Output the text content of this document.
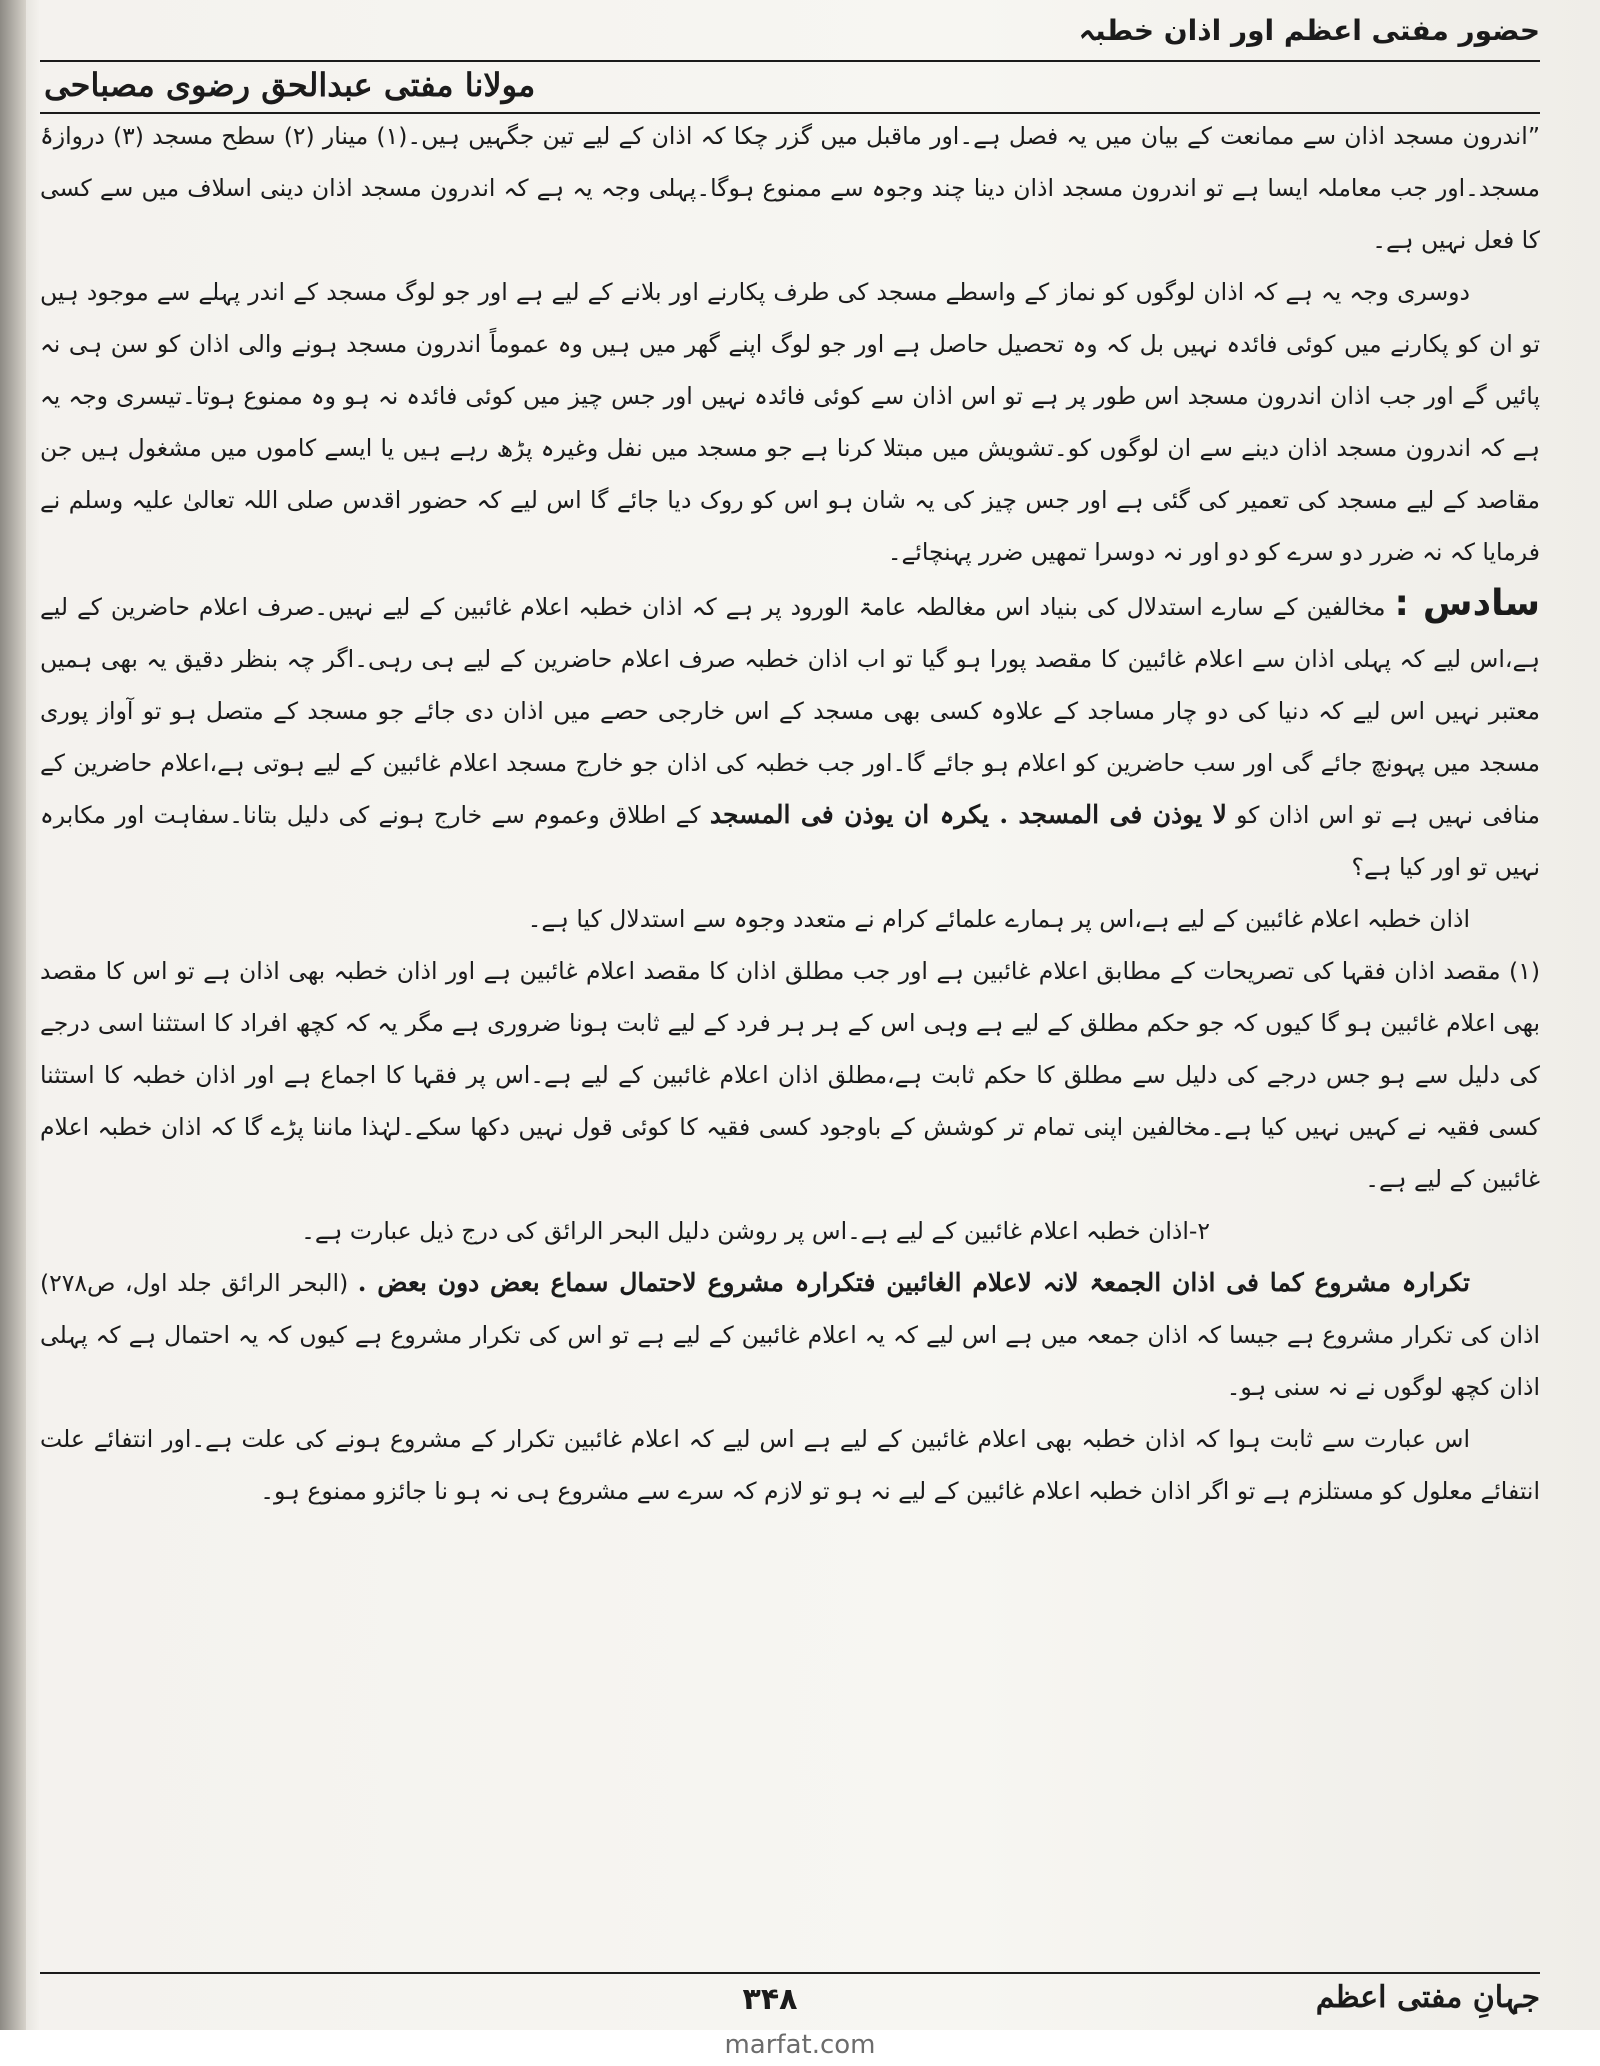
حضور مفتی اعظم اور اذان خطبہ
مولانا مفتی عبدالحق رضوی مصباحی

”اندرون مسجد اذان سے ممانعت کے بیان میں یہ فصل ہے۔اور ماقبل میں گزر چکا کہ اذان کے لیے تین جگہیں ہیں۔(۱) مینار (۲) سطح مسجد (۳) دروازۂ مسجد۔اور جب معاملہ ایسا ہے تو اندرون مسجد اذان دینا چند وجوہ سے ممنوع ہوگا۔پہلی وجہ یہ ہے کہ اندرون مسجد اذان دینی اسلاف میں سے کسی کا فعل نہیں ہے۔

دوسری وجہ یہ ہے کہ اذان لوگوں کو نماز کے واسطے مسجد کی طرف پکارنے اور بلانے کے لیے ہے اور جو لوگ مسجد کے اندر پہلے سے موجود ہیں تو ان کو پکارنے میں کوئی فائدہ نہیں بل کہ وہ تحصیل حاصل ہے اور جو لوگ اپنے گھر میں ہیں وہ عموماً اندرون مسجد ہونے والی اذان کو سن ہی نہ پائیں گے اور جب اذان اندرون مسجد اس طور پر ہے تو اس اذان سے کوئی فائدہ نہیں اور جس چیز میں کوئی فائدہ نہ ہو وہ ممنوع ہوتا۔تیسری وجہ یہ ہے کہ اندرون مسجد اذان دینے سے ان لوگوں کو۔تشویش میں مبتلا کرنا ہے جو مسجد میں نفل وغیرہ پڑھ رہے ہیں یا ایسے کاموں میں مشغول ہیں جن مقاصد کے لیے مسجد کی تعمیر کی گئی ہے اور جس چیز کی یہ شان ہو اس کو روک دیا جائے گا اس لیے کہ حضور اقدس صلی اللہ تعالیٰ علیہ وسلم نے فرمایا کہ نہ ضرر دو سرے کو دو اور نہ دوسرا تمھیں ضرر پہنچائے۔

سادس : مخالفین کے سارے استدلال کی بنیاد اس مغالطہ عامۃ الورود پر ہے کہ اذان خطبہ اعلام غائبین کے لیے نہیں۔صرف اعلام حاضرین کے لیے ہے،اس لیے کہ پہلی اذان سے اعلام غائبین کا مقصد پورا ہو گیا تو اب اذان خطبہ صرف اعلام حاضرین کے لیے ہی رہی۔اگر چہ بنظر دقیق یہ بھی ہمیں معتبر نہیں اس لیے کہ دنیا کی دو چار مساجد کے علاوہ کسی بھی مسجد کے اس خارجی حصے میں اذان دی جائے جو مسجد کے متصل ہو تو آواز پوری مسجد میں پہونچ جائے گی اور سب حاضرین کو اعلام ہو جائے گا۔اور جب خطبہ کی اذان جو خارج مسجد اعلام غائبین کے لیے ہوتی ہے،اعلام حاضرین کے منافی نہیں ہے تو اس اذان کو لا یوذن فی المسجد . یکرہ ان یوذن فی المسجد کے اطلاق وعموم سے خارج ہونے کی دلیل بتانا۔سفاہت اور مکابرہ نہیں تو اور کیا ہے؟

اذان خطبہ اعلام غائبین کے لیے ہے،اس پر ہمارے علمائے کرام نے متعدد وجوہ سے استدلال کیا ہے۔

(۱) مقصد اذان فقہا کی تصریحات کے مطابق اعلام غائبین ہے اور جب مطلق اذان کا مقصد اعلام غائبین ہے اور اذان خطبہ بھی اذان ہے تو اس کا مقصد بھی اعلام غائبین ہو گا کیوں کہ جو حکم مطلق کے لیے ہے وہی اس کے ہر ہر فرد کے لیے ثابت ہونا ضروری ہے مگر یہ کہ کچھ افراد کا استثنا اسی درجے کی دلیل سے ہو جس درجے کی دلیل سے مطلق کا حکم ثابت ہے،مطلق اذان اعلام غائبین کے لیے ہے۔اس پر فقہا کا اجماع ہے اور اذان خطبہ کا استثنا کسی فقیہ نے کہیں نہیں کیا ہے۔مخالفین اپنی تمام تر کوشش کے باوجود کسی فقیہ کا کوئی قول نہیں دکھا سکے۔لہٰذا ماننا پڑے گا کہ اذان خطبہ اعلام غائبین کے لیے ہے۔

۲-اذان خطبہ اعلام غائبین کے لیے ہے۔اس پر روشن دلیل البحر الرائق کی درج ذیل عبارت ہے۔

تکرارہ مشروع کما فی اذان الجمعۃ لانہ لاعلام الغائبین فتکرارہ مشروع لاحتمال سماع بعض دون بعض . (البحر الرائق جلد اول، ص۲۷۸) اذان کی تکرار مشروع ہے جیسا کہ اذان جمعہ میں ہے اس لیے کہ یہ اعلام غائبین کے لیے ہے تو اس کی تکرار مشروع ہے کیوں کہ یہ احتمال ہے کہ پہلی اذان کچھ لوگوں نے نہ سنی ہو۔

اس عبارت سے ثابت ہوا کہ اذان خطبہ بھی اعلام غائبین کے لیے ہے اس لیے کہ اعلام غائبین تکرار کے مشروع ہونے کی علت ہے۔اور انتفائے علت انتفائے معلول کو مستلزم ہے تو اگر اذان خطبہ اعلام غائبین کے لیے نہ ہو تو لازم کہ سرے سے مشروع ہی نہ ہو نا جائزو ممنوع ہو۔

جہانِ مفتی اعظم
۳۴۸
marfat.com
